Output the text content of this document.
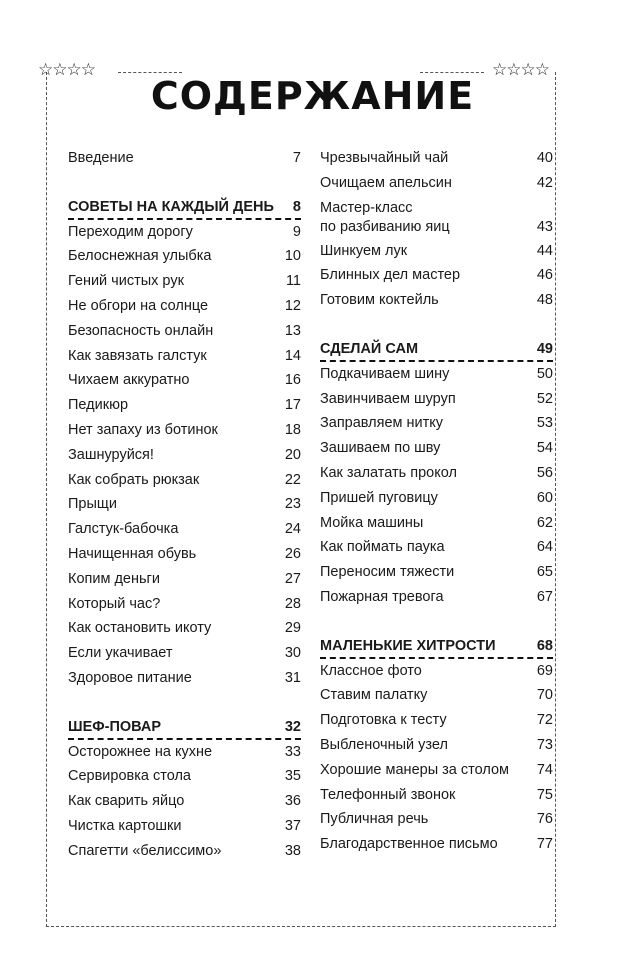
☆☆☆☆	☆☆☆☆
СОДЕРЖАНИЕ
Введение	7
СОВЕТЫ НА КАЖДЫЙ ДЕНЬ 8
Переходим дорогу	9
Белоснежная улыбка	10
Гений чистых рук	11
Не обгори на солнце	12
Безопасность онлайн	13
Как завязать галстук	14
Чихаем аккуратно	16
Педикюр	17
Нет запаху из ботинок	18
Зашнуруйся!	20
Как собрать рюкзак	22
Прыщи	23
Галстук-бабочка	24
Начищенная обувь	26
Копим деньги	27
Который час?	28
Как остановить икоту	29
Если укачивает	30
Здоровое питание	31
ШЕФ-ПОВАР	32
Осторожнее на кухне	33
Сервировка стола	35
Как сварить яйцо	36
Чистка картошки	37
Спагетти «белиссимо»	38
Чрезвычайный чай	40
Очищаем апельсин	42
Мастер-класс
по разбиванию яиц	43
Шинкуем лук	44
Блинных дел мастер	46
Готовим коктейль	48
СДЕЛАЙ САМ	49
Подкачиваем шину	50
Завинчиваем шуруп	52
Заправляем нитку	53
Зашиваем по шву	54
Как залатать прокол	56
Пришей пуговицу	60
Мойка машины	62
Как поймать паука	64
Переносим тяжести	65
Пожарная тревога	67
МАЛЕНЬКИЕ ХИТРОСТИ	68
Классное фото	69
Ставим палатку	70
Подготовка к тесту	72
Выбленочный узел	73
Хорошие манеры за столом 74
Телефонный звонок	75
Публичная речь	76
Благодарственное письмо	77
